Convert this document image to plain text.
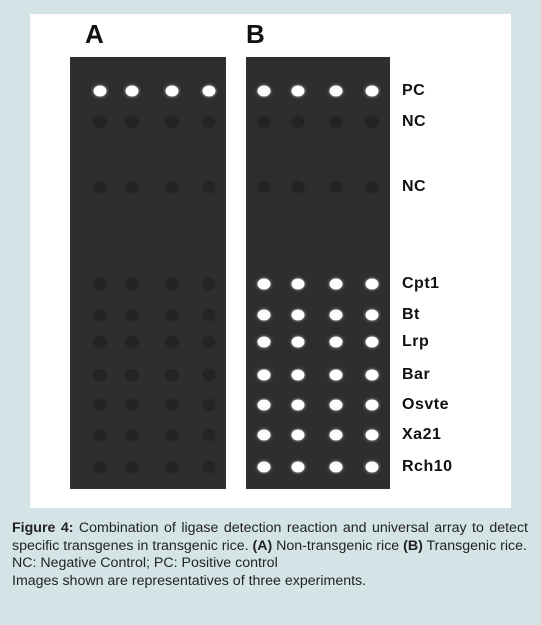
A	B
PC
NC
NC
Cpt1
Bt
Lrp
Bar
Osvte
Xa21
Rch10

Figure 4: Combination of ligase detection reaction and universal array to detect specific transgenes in transgenic rice. (A) Non-transgenic rice (B) Transgenic rice.

NC: Negative Control; PC: Positive control

Images shown are representatives of three experiments.
